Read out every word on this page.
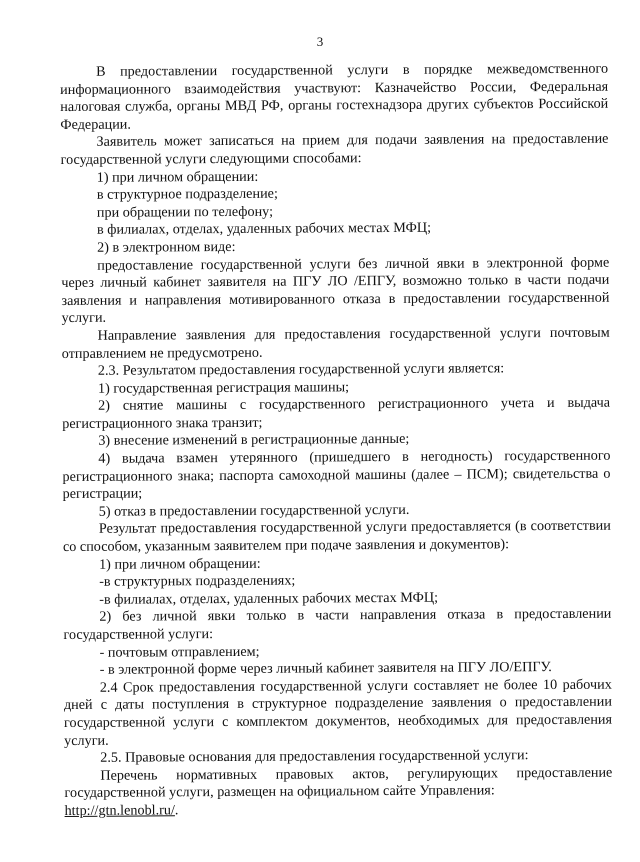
3

В предоставлении государственной услуги в порядке межведомственного информационного взаимодействия участвуют: Казначейство России, Федеральная налоговая служба, органы МВД РФ, органы гостехнадзора других субъектов Российской Федерации.

Заявитель может записаться на прием для подачи заявления на предоставление государственной услуги следующими способами:

1) при личном обращении:

в структурное подразделение;

при обращении по телефону;

в филиалах, отделах, удаленных рабочих местах МФЦ;

2) в электронном виде:

предоставление государственной услуги без личной явки в электронной форме через личный кабинет заявителя на ПГУ ЛО /ЕПГУ, возможно только в части подачи заявления и направления мотивированного отказа в предоставлении государственной услуги.

Направление заявления для предоставления государственной услуги почтовым отправлением не предусмотрено.

2.3. Результатом предоставления государственной услуги является:

1) государственная регистрация машины;

2) снятие машины с государственного регистрационного учета и выдача регистрационного знака транзит;

3) внесение изменений в регистрационные данные;

4) выдача взамен утерянного (пришедшего в негодность) государственного регистрационного знака; паспорта самоходной машины (далее – ПСМ); свидетельства о регистрации;

5) отказ в предоставлении государственной услуги.

Результат предоставления государственной услуги предоставляется (в соответствии со способом, указанным заявителем при подаче заявления и документов):

1) при личном обращении:

-в структурных подразделениях;

-в филиалах, отделах, удаленных рабочих местах МФЦ;

2) без личной явки только в части направления отказа в предоставлении государственной услуги:

- почтовым отправлением;

- в электронной форме через личный кабинет заявителя на ПГУ ЛО/ЕПГУ.

2.4 Срок предоставления государственной услуги составляет не более 10 рабочих дней с даты поступления в структурное подразделение заявления о предоставлении государственной услуги с комплектом документов, необходимых для предоставления услуги.

2.5. Правовые основания для предоставления государственной услуги:

Перечень нормативных правовых актов, регулирующих предоставление государственной услуги, размещен на официальном сайте Управления:

http://gtn.lenobl.ru/.
